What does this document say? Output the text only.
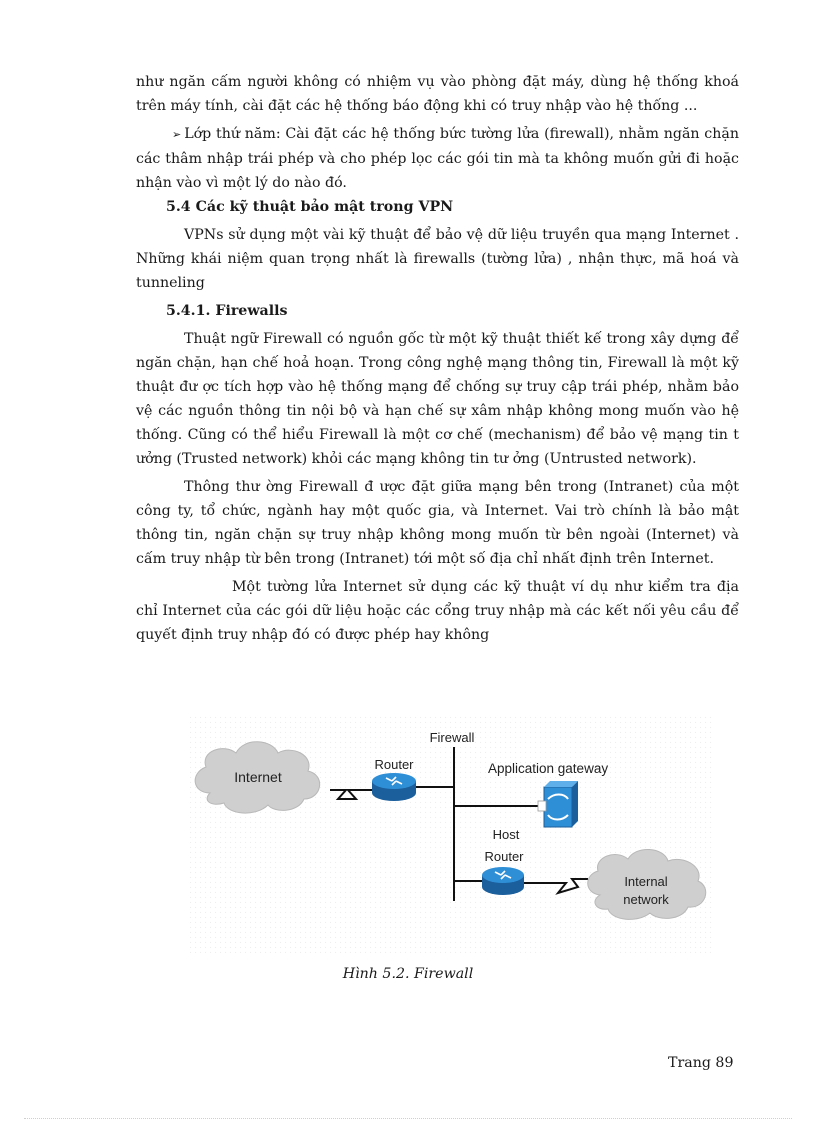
như ngăn cấm người không có nhiệm vụ vào phòng đặt máy, dùng hệ thống khoá trên máy tính, cài đặt các hệ thống báo động khi có truy nhập vào hệ thống ...

➢ Lớp thứ năm: Cài đặt các hệ thống bức tường lửa (firewall), nhằm ngăn chặn các thâm nhập trái phép và cho phép lọc các gói tin mà ta không muốn gửi đi hoặc nhận vào vì một lý do nào đó.

5.4 Các kỹ thuật bảo mật trong VPN

VPNs sử dụng một vài kỹ thuật để bảo vệ dữ liệu truyền qua mạng Internet . Những khái niệm quan trọng nhất là firewalls (tường lửa) , nhận thực, mã hoá và tunneling

5.4.1. Firewalls

Thuật ngữ Firewall có nguồn gốc từ một kỹ thuật thiết kế trong xây dựng để ngăn chặn, hạn chế hoả hoạn. Trong công nghệ mạng thông tin, Firewall là một kỹ thuật đư ợc tích hợp vào hệ thống mạng để chống sự truy cập trái phép, nhằm bảo vệ các nguồn thông tin nội bộ và hạn chế sự xâm nhập không mong muốn vào hệ thống. Cũng có thể hiểu Firewall là một cơ chế (mechanism) để bảo vệ mạng tin t ưởng (Trusted network) khỏi các mạng không tin tư ởng (Untrusted network).

Thông thư ờng Firewall đ ược đặt giữa mạng bên trong (Intranet) của một công ty, tổ chức, ngành hay một quốc gia, và Internet. Vai trò chính là bảo mật thông tin, ngăn chặn sự truy nhập không mong muốn từ bên ngoài (Internet) và cấm truy nhập từ bên trong (Intranet) tới một số địa chỉ nhất định trên Internet.

Một tường lửa Internet sử dụng các kỹ thuật ví dụ như kiểm tra địa chỉ Internet của các gói dữ liệu hoặc các cổng truy nhập mà các kết nối yêu cầu để quyết định truy nhập đó có được phép hay không

Internet
Router
Firewall
Application gateway
Host
Router
Internal
network
Hình 5.2. Firewall
Trang 89
